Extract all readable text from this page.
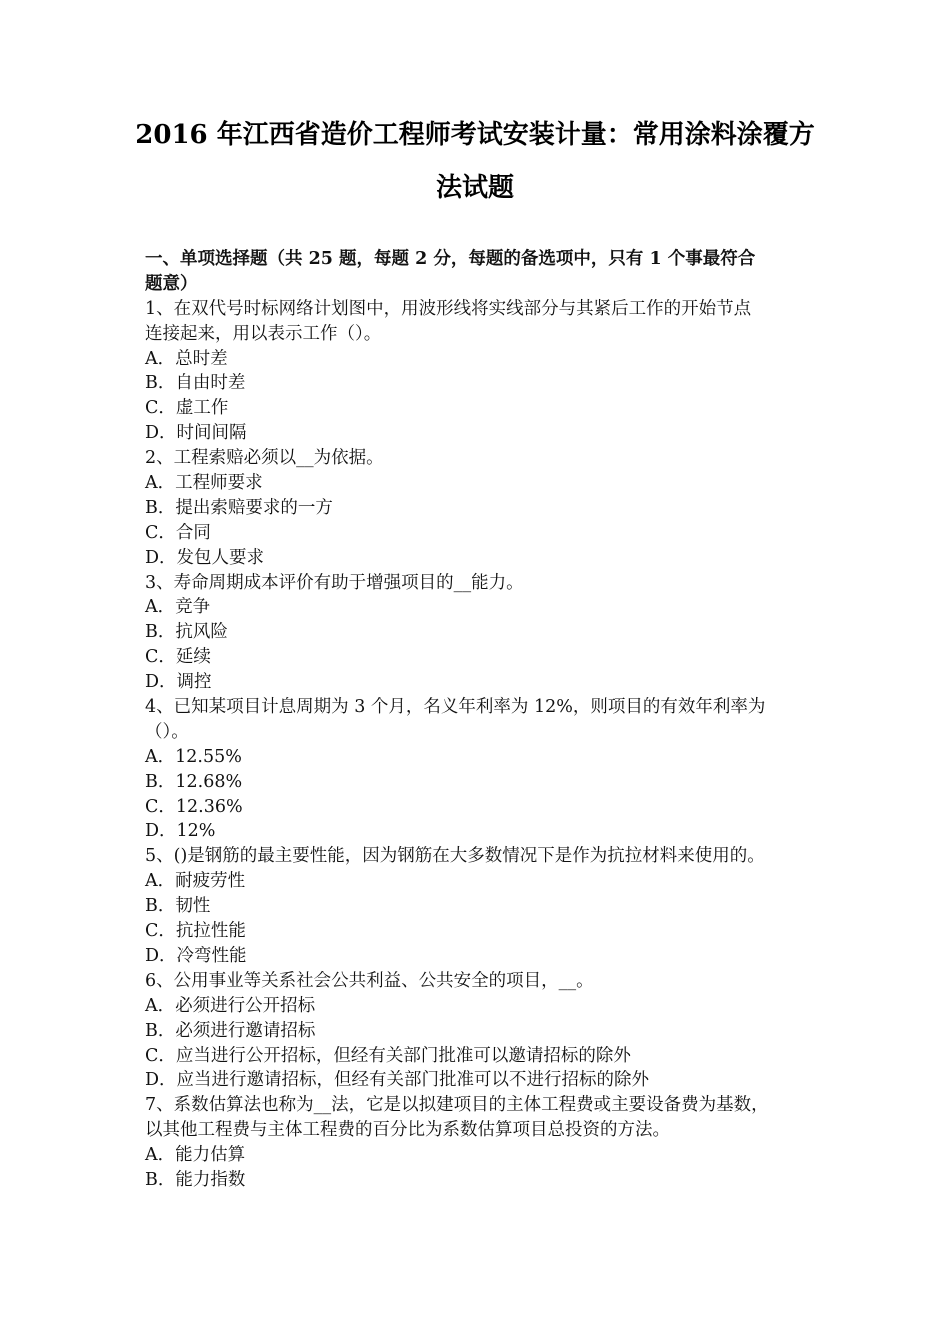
2016 年江西省造价工程师考试安装计量：常用涂料涂覆方
法试题
一、单项选择题（共 25 题，每题 2 分，每题的备选项中，只有 1 个事最符合
题意）
1、在双代号时标网络计划图中，用波形线将实线部分与其紧后工作的开始节点
连接起来，用以表示工作（）。
A．总时差
B．自由时差
C．虚工作
D．时间间隔
2、工程索赔必须以__为依据。
A．工程师要求
B．提出索赔要求的一方
C．合同
D．发包人要求
3、寿命周期成本评价有助于增强项目的__能力。
A．竞争
B．抗风险
C．延续
D．调控
4、已知某项目计息周期为 3 个月，名义年利率为 12%，则项目的有效年利率为
（）。
A．12.55%
B．12.68%
C．12.36%
D．12%
5、()是钢筋的最主要性能，因为钢筋在大多数情况下是作为抗拉材料来使用的。
A．耐疲劳性
B．韧性
C．抗拉性能
D．冷弯性能
6、公用事业等关系社会公共利益、公共安全的项目，__。
A．必须进行公开招标
B．必须进行邀请招标
C．应当进行公开招标，但经有关部门批准可以邀请招标的除外
D．应当进行邀请招标，但经有关部门批准可以不进行招标的除外
7、系数估算法也称为__法，它是以拟建项目的主体工程费或主要设备费为基数，
以其他工程费与主体工程费的百分比为系数估算项目总投资的方法。
A．能力估算
B．能力指数
